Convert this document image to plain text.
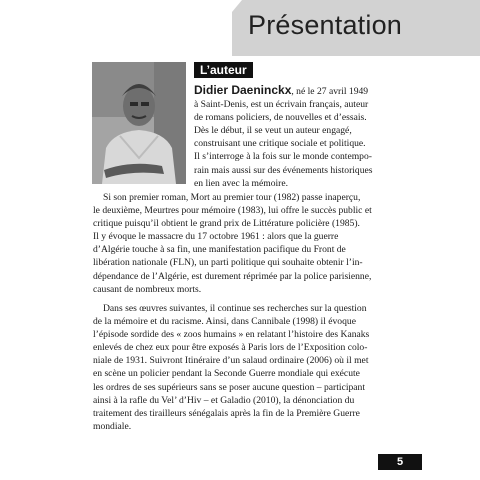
Présentation
L’auteur
Didier Daeninckx, né le 27 avril 1949
à Saint-Denis, est un écrivain français, auteur
de romans policiers, de nouvelles et d’essais.
Dès le début, il se veut un auteur engagé,
construisant une critique sociale et politique.
Il s’interroge à la fois sur le monde contempo-
rain mais aussi sur des événements historiques
en lien avec la mémoire.
Si son premier roman, Mort au premier tour (1982) passe inaperçu,
le deuxième, Meurtres pour mémoire (1983), lui offre le succès public et
critique puisqu’il obtient le grand prix de Littérature policière (1985).
Il y évoque le massacre du 17 octobre 1961 : alors que la guerre
d’Algérie touche à sa fin, une manifestation pacifique du Front de
libération nationale (FLN), un parti politique qui souhaite obtenir l’in-
dépendance de l’Algérie, est durement réprimée par la police parisienne,
causant de nombreux morts.
Dans ses œuvres suivantes, il continue ses recherches sur la question
de la mémoire et du racisme. Ainsi, dans Cannibale (1998) il évoque
l’épisode sordide des « zoos humains » en relatant l’histoire des Kanaks
enlevés de chez eux pour être exposés à Paris lors de l’Exposition colo-
niale de 1931. Suivront Itinéraire d’un salaud ordinaire (2006) où il met
en scène un policier pendant la Seconde Guerre mondiale qui exécute
les ordres de ses supérieurs sans se poser aucune question – participant
ainsi à la rafle du Vel’ d’Hiv – et Galadio (2010), la dénonciation du
traitement des tirailleurs sénégalais après la fin de la Première Guerre
mondiale.
5
